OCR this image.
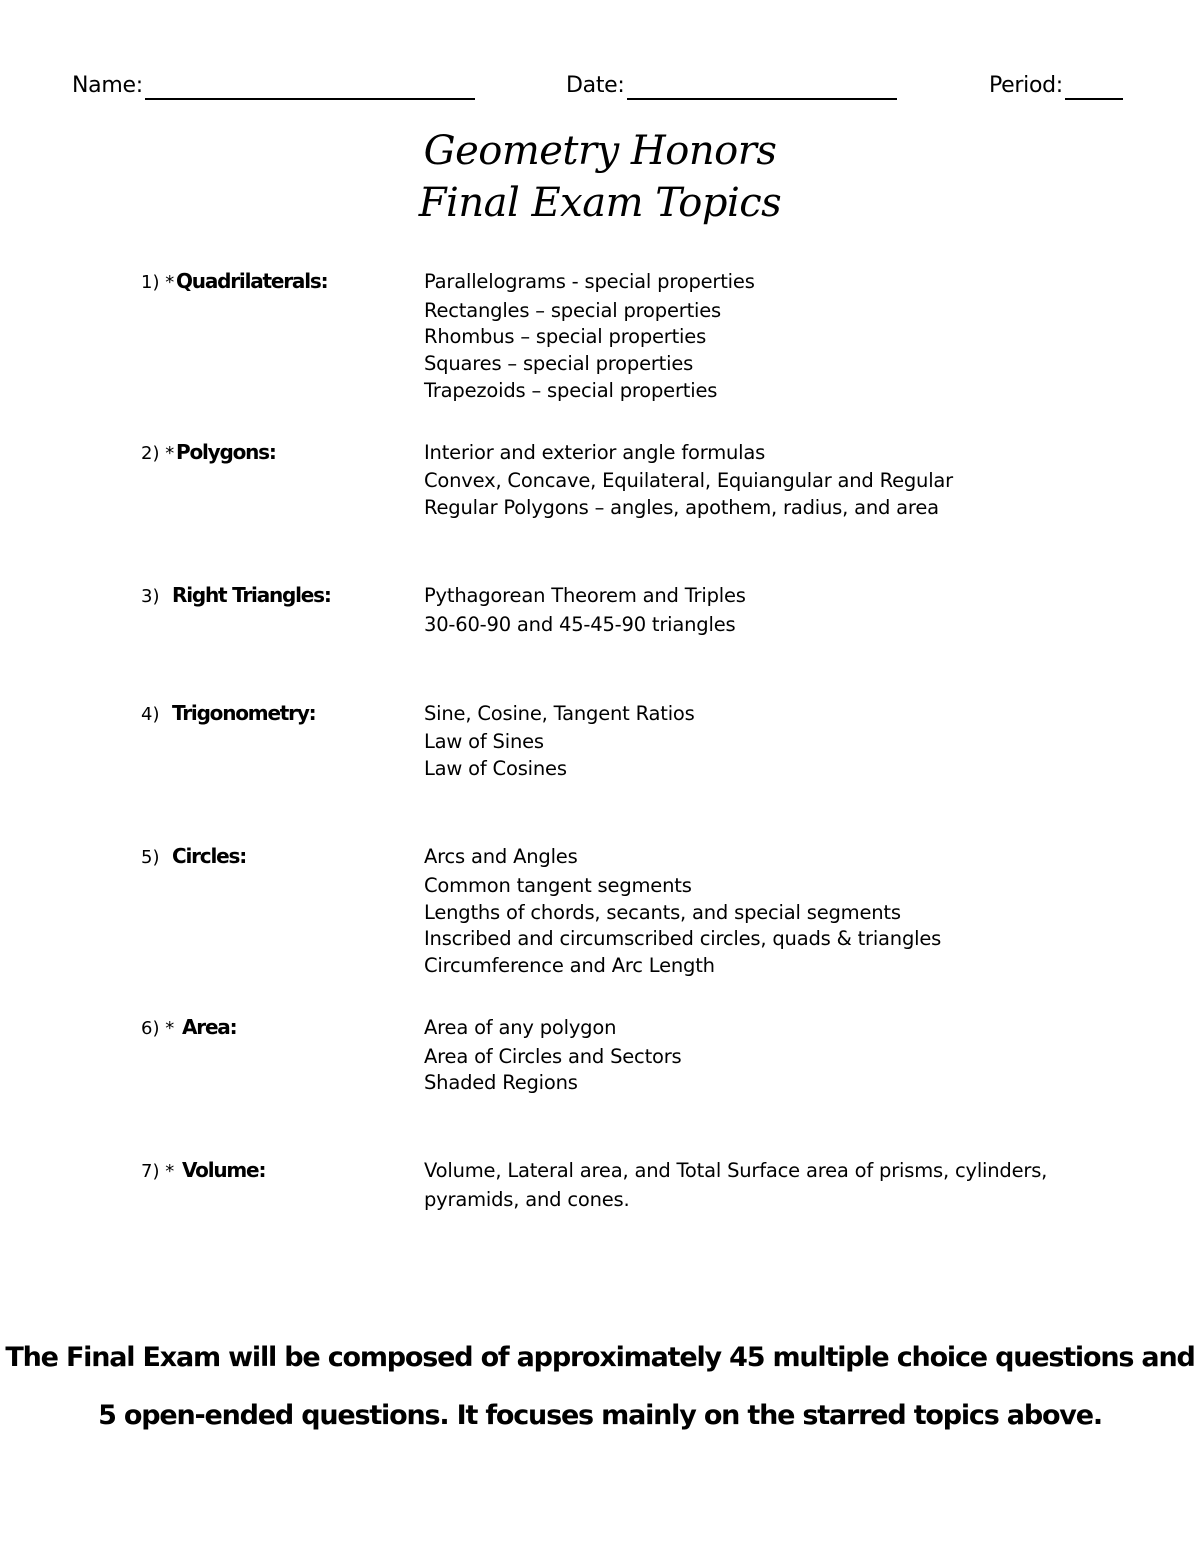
Name:	Date:	Period:
Geometry Honors
Final Exam Topics
1) * Quadrilaterals:	Parallelograms - special properties
Rectangles – special properties
Rhombus – special properties
Squares – special properties
Trapezoids – special properties
2) * Polygons:	Interior and exterior angle formulas
Convex, Concave, Equilateral, Equiangular and Regular
Regular Polygons – angles, apothem, radius, and area
3) Right Triangles:	Pythagorean Theorem and Triples
30-60-90 and 45-45-90 triangles
4) Trigonometry:	Sine, Cosine, Tangent Ratios
Law of Sines
Law of Cosines
5) Circles:	Arcs and Angles
Common tangent segments
Lengths of chords, secants, and special segments
Inscribed and circumscribed circles, quads & triangles
Circumference and Arc Length
6) * Area:	Area of any polygon
Area of Circles and Sectors
Shaded Regions
7) * Volume:	Volume, Lateral area, and Total Surface area of prisms, cylinders,
pyramids, and cones.
The Final Exam will be composed of approximately 45 multiple choice questions and
5 open-ended questions. It focuses mainly on the starred topics above.
